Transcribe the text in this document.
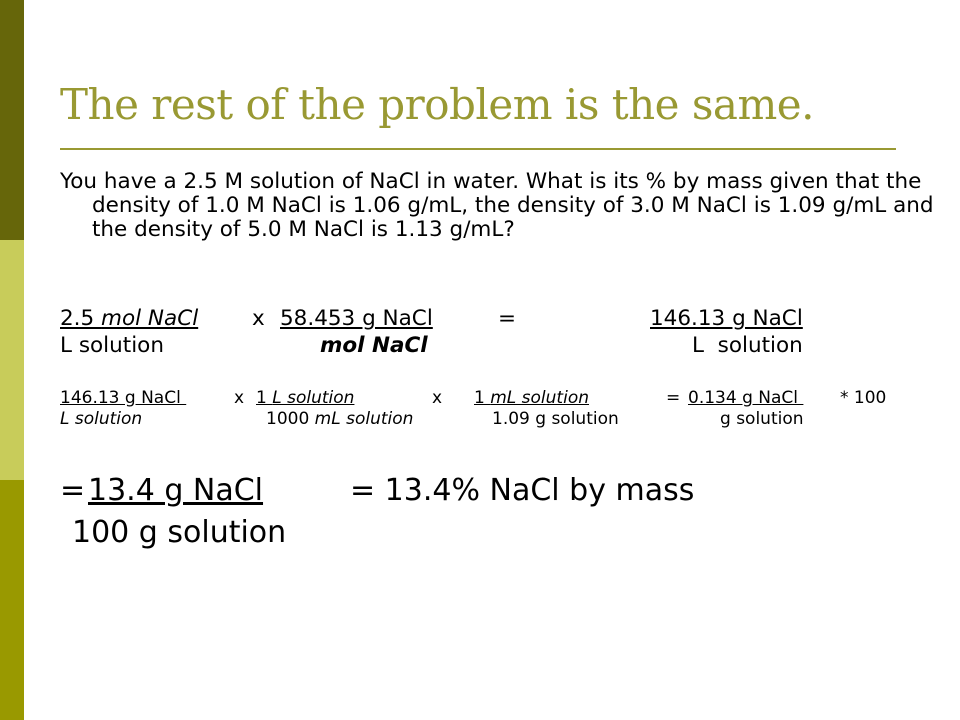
The rest of the problem is the same.

You have a 2.5 M solution of NaCl in water. What is its % by mass given that the density of 1.0 M NaCl is 1.06 g/mL, the density of 3.0 M NaCl is 1.09 g/mL and the density of 5.0 M NaCl is 1.13 g/mL?

2.5 mol NaCl	x 58.453 g NaCl	=	146.13 g NaCl
L solution	mol NaCl	L  solution
146.13 g NaCl	x 1 L solution	x 1 mL solution	= 0.134 g NaCl * 100
L solution	1000 mL solution	1.09 g solution	g solution
= 13.4 g NaCl	= 13.4% NaCl by mass
100 g solution
